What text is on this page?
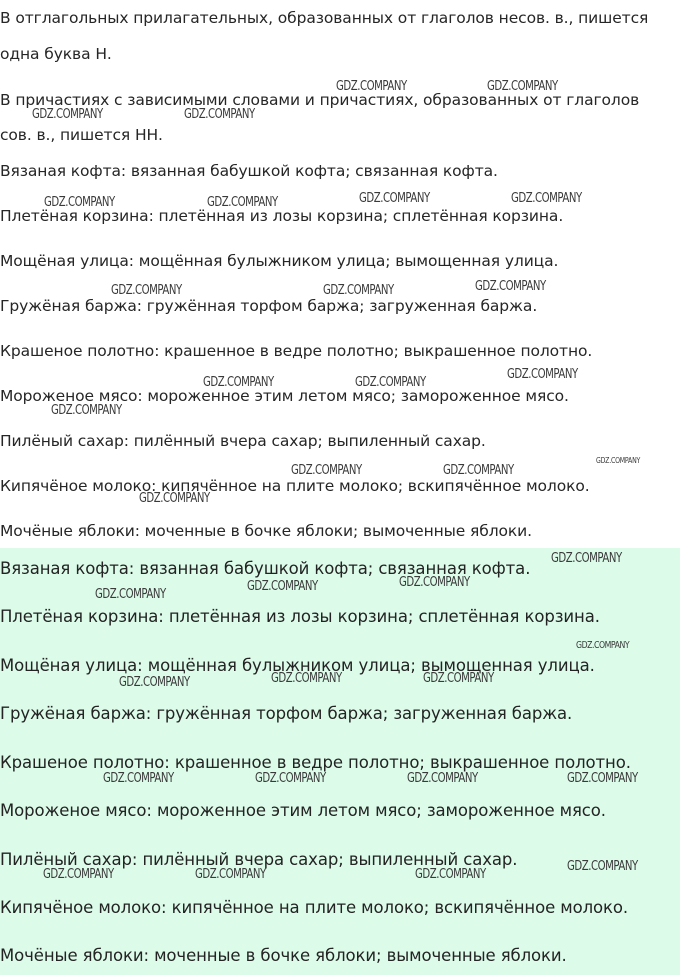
В отглагольных прилагательных, образованных от глаголов несов. в., пишется
одна буква Н.
В причастиях с зависимыми словами и причастиях, образованных от глаголов
сов. в., пишется НН.
Вязаная кофта: вязанная бабушкой кофта; связанная кофта.
Плетёная корзина: плетённая из лозы корзина; сплетённая корзина.
Мощёная улица: мощённая булыжником улица; вымощенная улица.
Гружёная баржа: гружённая торфом баржа; загруженная баржа.
Крашеное полотно: крашенное в ведре полотно; выкрашенное полотно.
Мороженое мясо: мороженное этим летом мясо; замороженное мясо.
Пилёный сахар: пилённый вчера сахар; выпиленный сахар.
Кипячёное молоко: кипячённое на плите молоко; вскипячённое молоко.
Мочёные яблоки: моченные в бочке яблоки; вымоченные яблоки.
Вязаная кофта: вязанная бабушкой кофта; связанная кофта.
Плетёная корзина: плетённая из лозы корзина; сплетённая корзина.
Мощёная улица: мощённая булыжником улица; вымощенная улица.
Гружёная баржа: гружённая торфом баржа; загруженная баржа.
Крашеное полотно: крашенное в ведре полотно; выкрашенное полотно.
Мороженое мясо: мороженное этим летом мясо; замороженное мясо.
Пилёный сахар: пилённый вчера сахар; выпиленный сахар.
Кипячёное молоко: кипячённое на плите молоко; вскипячённое молоко.
Мочёные яблоки: моченные в бочке яблоки; вымоченные яблоки.
GDZ.COMPANY	GDZ.COMPANY
GDZ.COMPANY	GDZ.COMPANY
GDZ.COMPANY	GDZ.COMPANY	GDZ.COMPANY	GDZ.COMPANY
GDZ.COMPANY	GDZ.COMPANY	GDZ.COMPANY
GDZ.COMPANY	GDZ.COMPANY
GDZ.COMPANY
GDZ.COMPANY
GDZ.COMPANY
GDZ.COMPANY	GDZ.COMPANY
GDZ.COMPANY
GDZ.COMPANY
GDZ.COMPANY
GDZ.COMPANY	GDZ.COMPANY
GDZ.COMPANY
GDZ.COMPANY	GDZ.COMPANY	GDZ.COMPANY
GDZ.COMPANY	GDZ.COMPANY	GDZ.COMPANY	GDZ.COMPANY
GDZ.COMPANY
GDZ.COMPANY	GDZ.COMPANY	GDZ.COMPANY
